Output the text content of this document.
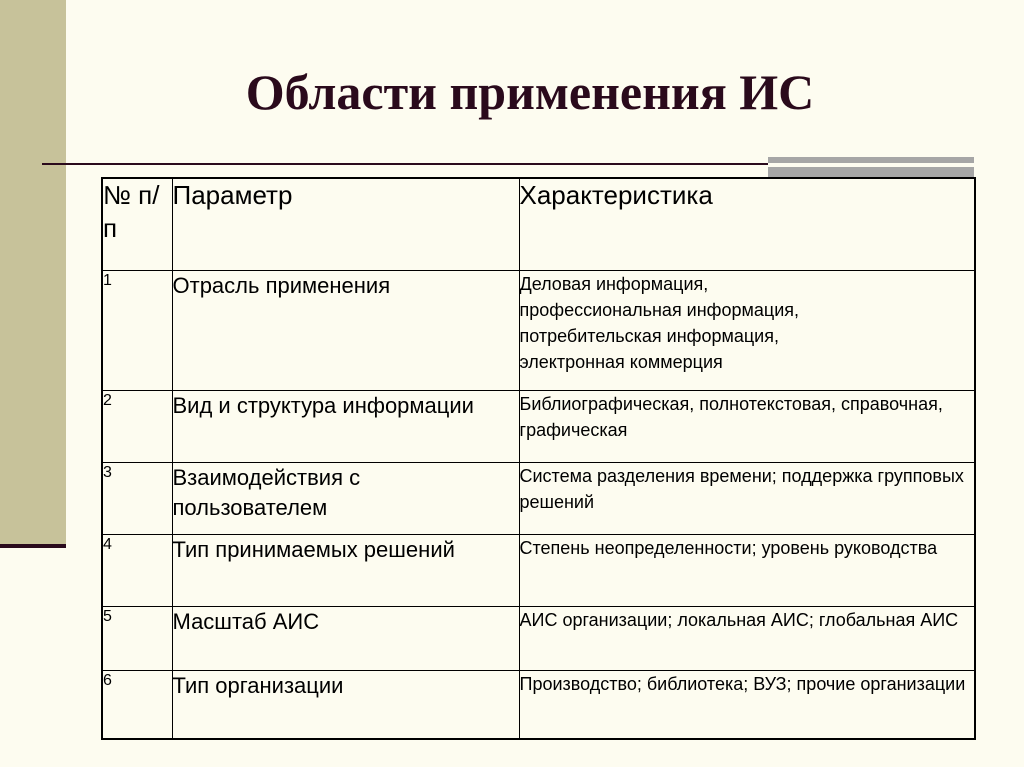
Области применения ИС
№ п/п	Параметр	Характеристика
1	Отрасль применения	Деловая информация,
профессиональная информация,
потребительская информация,
электронная коммерция
2	Вид и структура информации	Библиографическая, полнотекстовая, справочная, графическая
3	Взаимодействия с пользователем	Система разделения времени; поддержка групповых решений
4	Тип принимаемых решений	Степень неопределенности; уровень руководства
5	Масштаб АИС	АИС организации; локальная АИС; глобальная АИС
6	Тип организации	Производство; библиотека; ВУЗ; прочие организации
